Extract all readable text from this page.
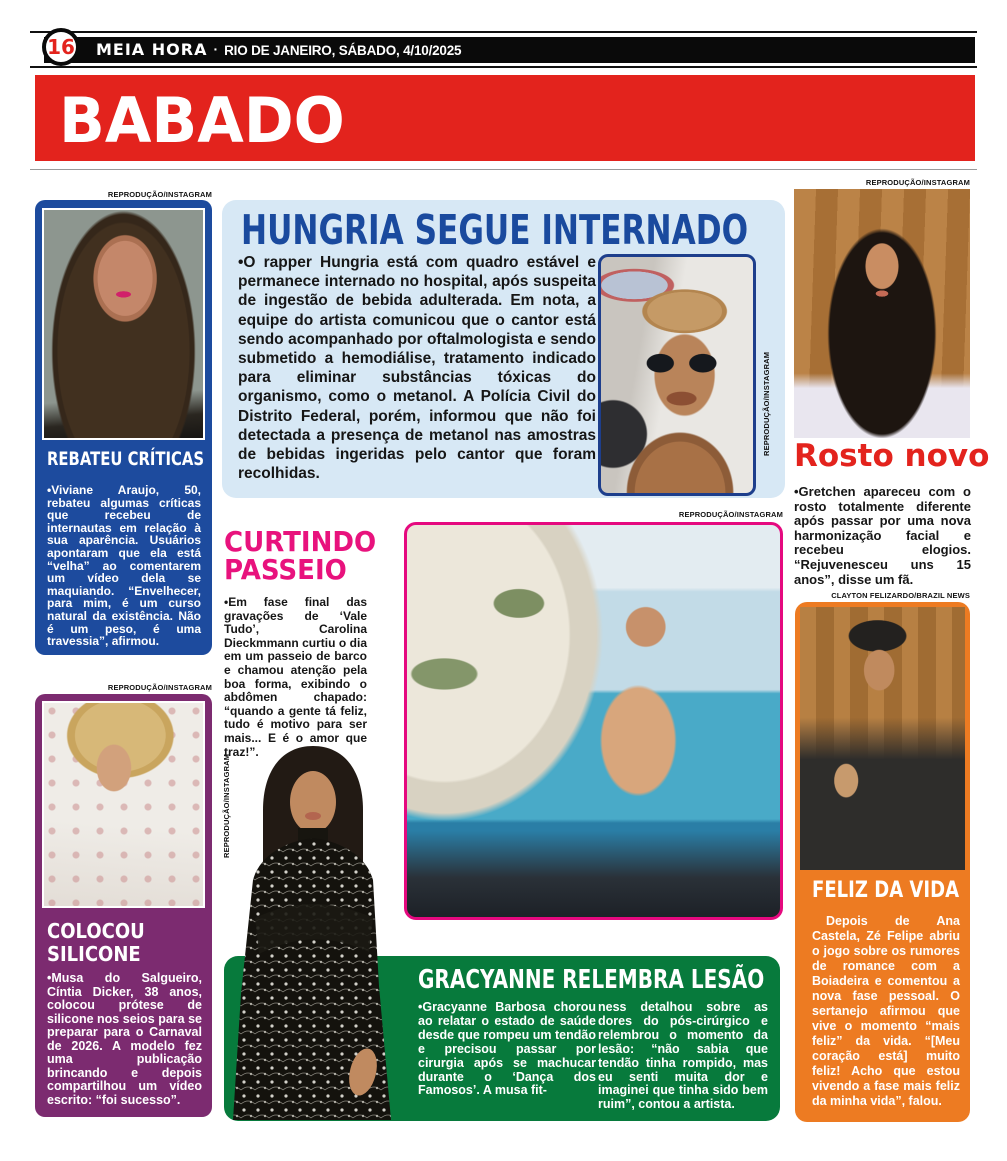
16 MEIA HORA · RIO DE JANEIRO, SÁBADO, 4/10/2025
BABADO
REPRODUÇÃO/INSTAGRAM
REBATEU CRÍTICAS
•Viviane Araujo, 50, rebateu algumas críticas que recebeu de internautas em relação à sua aparência. Usuários apontaram que ela está “velha” ao comentarem um vídeo dela se maquiando. “Envelhecer, para mim, é um curso natural da existência. Não é um peso, é uma travessia”, afirmou.
HUNGRIA SEGUE INTERNADO
•O rapper Hungria está com quadro estável e permanece internado no hospital, após suspeita de ingestão de bebida adulterada. Em nota, a equipe do artista comunicou que o cantor está sendo acompanhado por oftalmologista e sendo submetido a hemodiálise, tratamento indicado para eliminar substâncias tóxicas do organismo, como o metanol. A Polícia Civil do Distrito Federal, porém, informou que não foi detectada a presença de metanol nas amostras de bebidas ingeridas pelo cantor que foram recolhidas.
REPRODUÇÃO/INSTAGRAM
CURTINDO PASSEIO
•Em fase final das gravações de ‘Vale Tudo’, Carolina Dieckmmann curtiu o dia em um passeio de barco e chamou atenção pela boa forma, exibindo o abdômen chapado: “quando a gente tá feliz, tudo é motivo para ser mais... E é o amor que traz!”.
REPRODUÇÃO/INSTAGRAM
REPRODUÇÃO/INSTAGRAM
Rosto novo
•Gretchen apareceu com o rosto totalmente diferente após passar por uma nova harmonização facial e recebeu elogios. “Rejuvenesceu uns 15 anos”, disse um fã.
REPRODUÇÃO/INSTAGRAM
COLOCOU SILICONE
•Musa do Salgueiro, Cíntia Dicker, 38 anos, colocou prótese de silicone nos seios para se preparar para o Carnaval de 2026. A modelo fez uma publicação brincando e depois compartilhou um vídeo escrito: “foi sucesso”.
GRACYANNE RELEMBRA LESÃO
•Gracyanne Barbosa chorou ao relatar o estado de saúde desde que rompeu um tendão e precisou passar por cirurgia após se machucar durante o ‘Dança dos Famosos’. A musa fit-
ness detalhou sobre as dores do pós-cirúrgico e relembrou o momento da lesão: “não sabia que tendão tinha rompido, mas eu senti muita dor e imaginei que tinha sido bem ruim”, contou a artista.
REPRODUÇÃO/INSTAGRAM
CLAYTON FELIZARDO/BRAZIL NEWS
FELIZ DA VIDA
Depois de Ana Castela, Zé Felipe abriu o jogo sobre os rumores de romance com a Boiadeira e comentou a nova fase pessoal. O sertanejo afirmou que vive o momento “mais feliz” da vida. “[Meu coração está] muito feliz! Acho que estou vivendo a fase mais feliz da minha vida”, falou.
